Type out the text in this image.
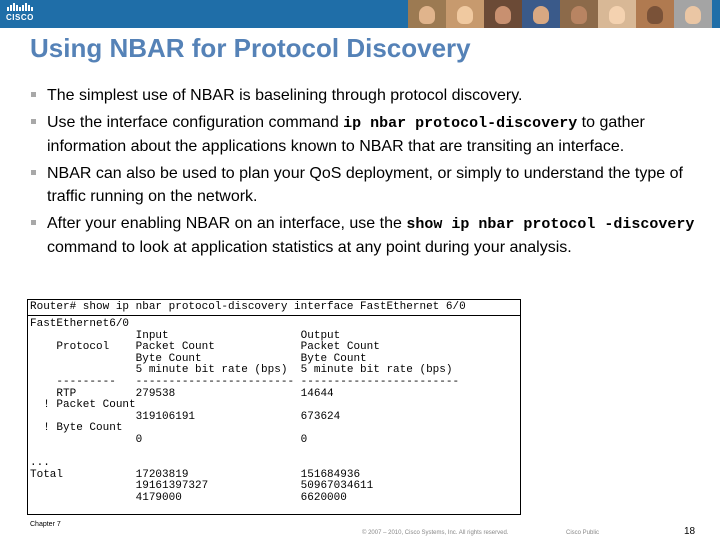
CISCO
Using NBAR for Protocol Discovery
The simplest use of NBAR is baselining through protocol discovery.
Use the interface configuration command ip nbar protocol-discovery to gather information about the applications known to NBAR that are transiting an interface.
NBAR can also be used to plan your QoS deployment, or simply to understand the type of traffic running on the network.
After your enabling NBAR on an interface, use the show ip nbar protocol -discovery command to look at application statistics at any point during your analysis.
Router# show ip nbar protocol-discovery interface FastEthernet 6/0
FastEthernet6/0
Input                    Output
Protocol    Packet Count             Packet Count
Byte Count               Byte Count
5 minute bit rate (bps)  5 minute bit rate (bps)
---------   ------------------------ ------------------------
RTP         279538                   14644
! Packet Count
319106191                673624
! Byte Count
0                        0

...
Total           17203819                 151684936
19161397327              50967034611
4179000                  6620000
Chapter 7
© 2007 – 2010, Cisco Systems, Inc. All rights reserved.	Cisco Public	18
